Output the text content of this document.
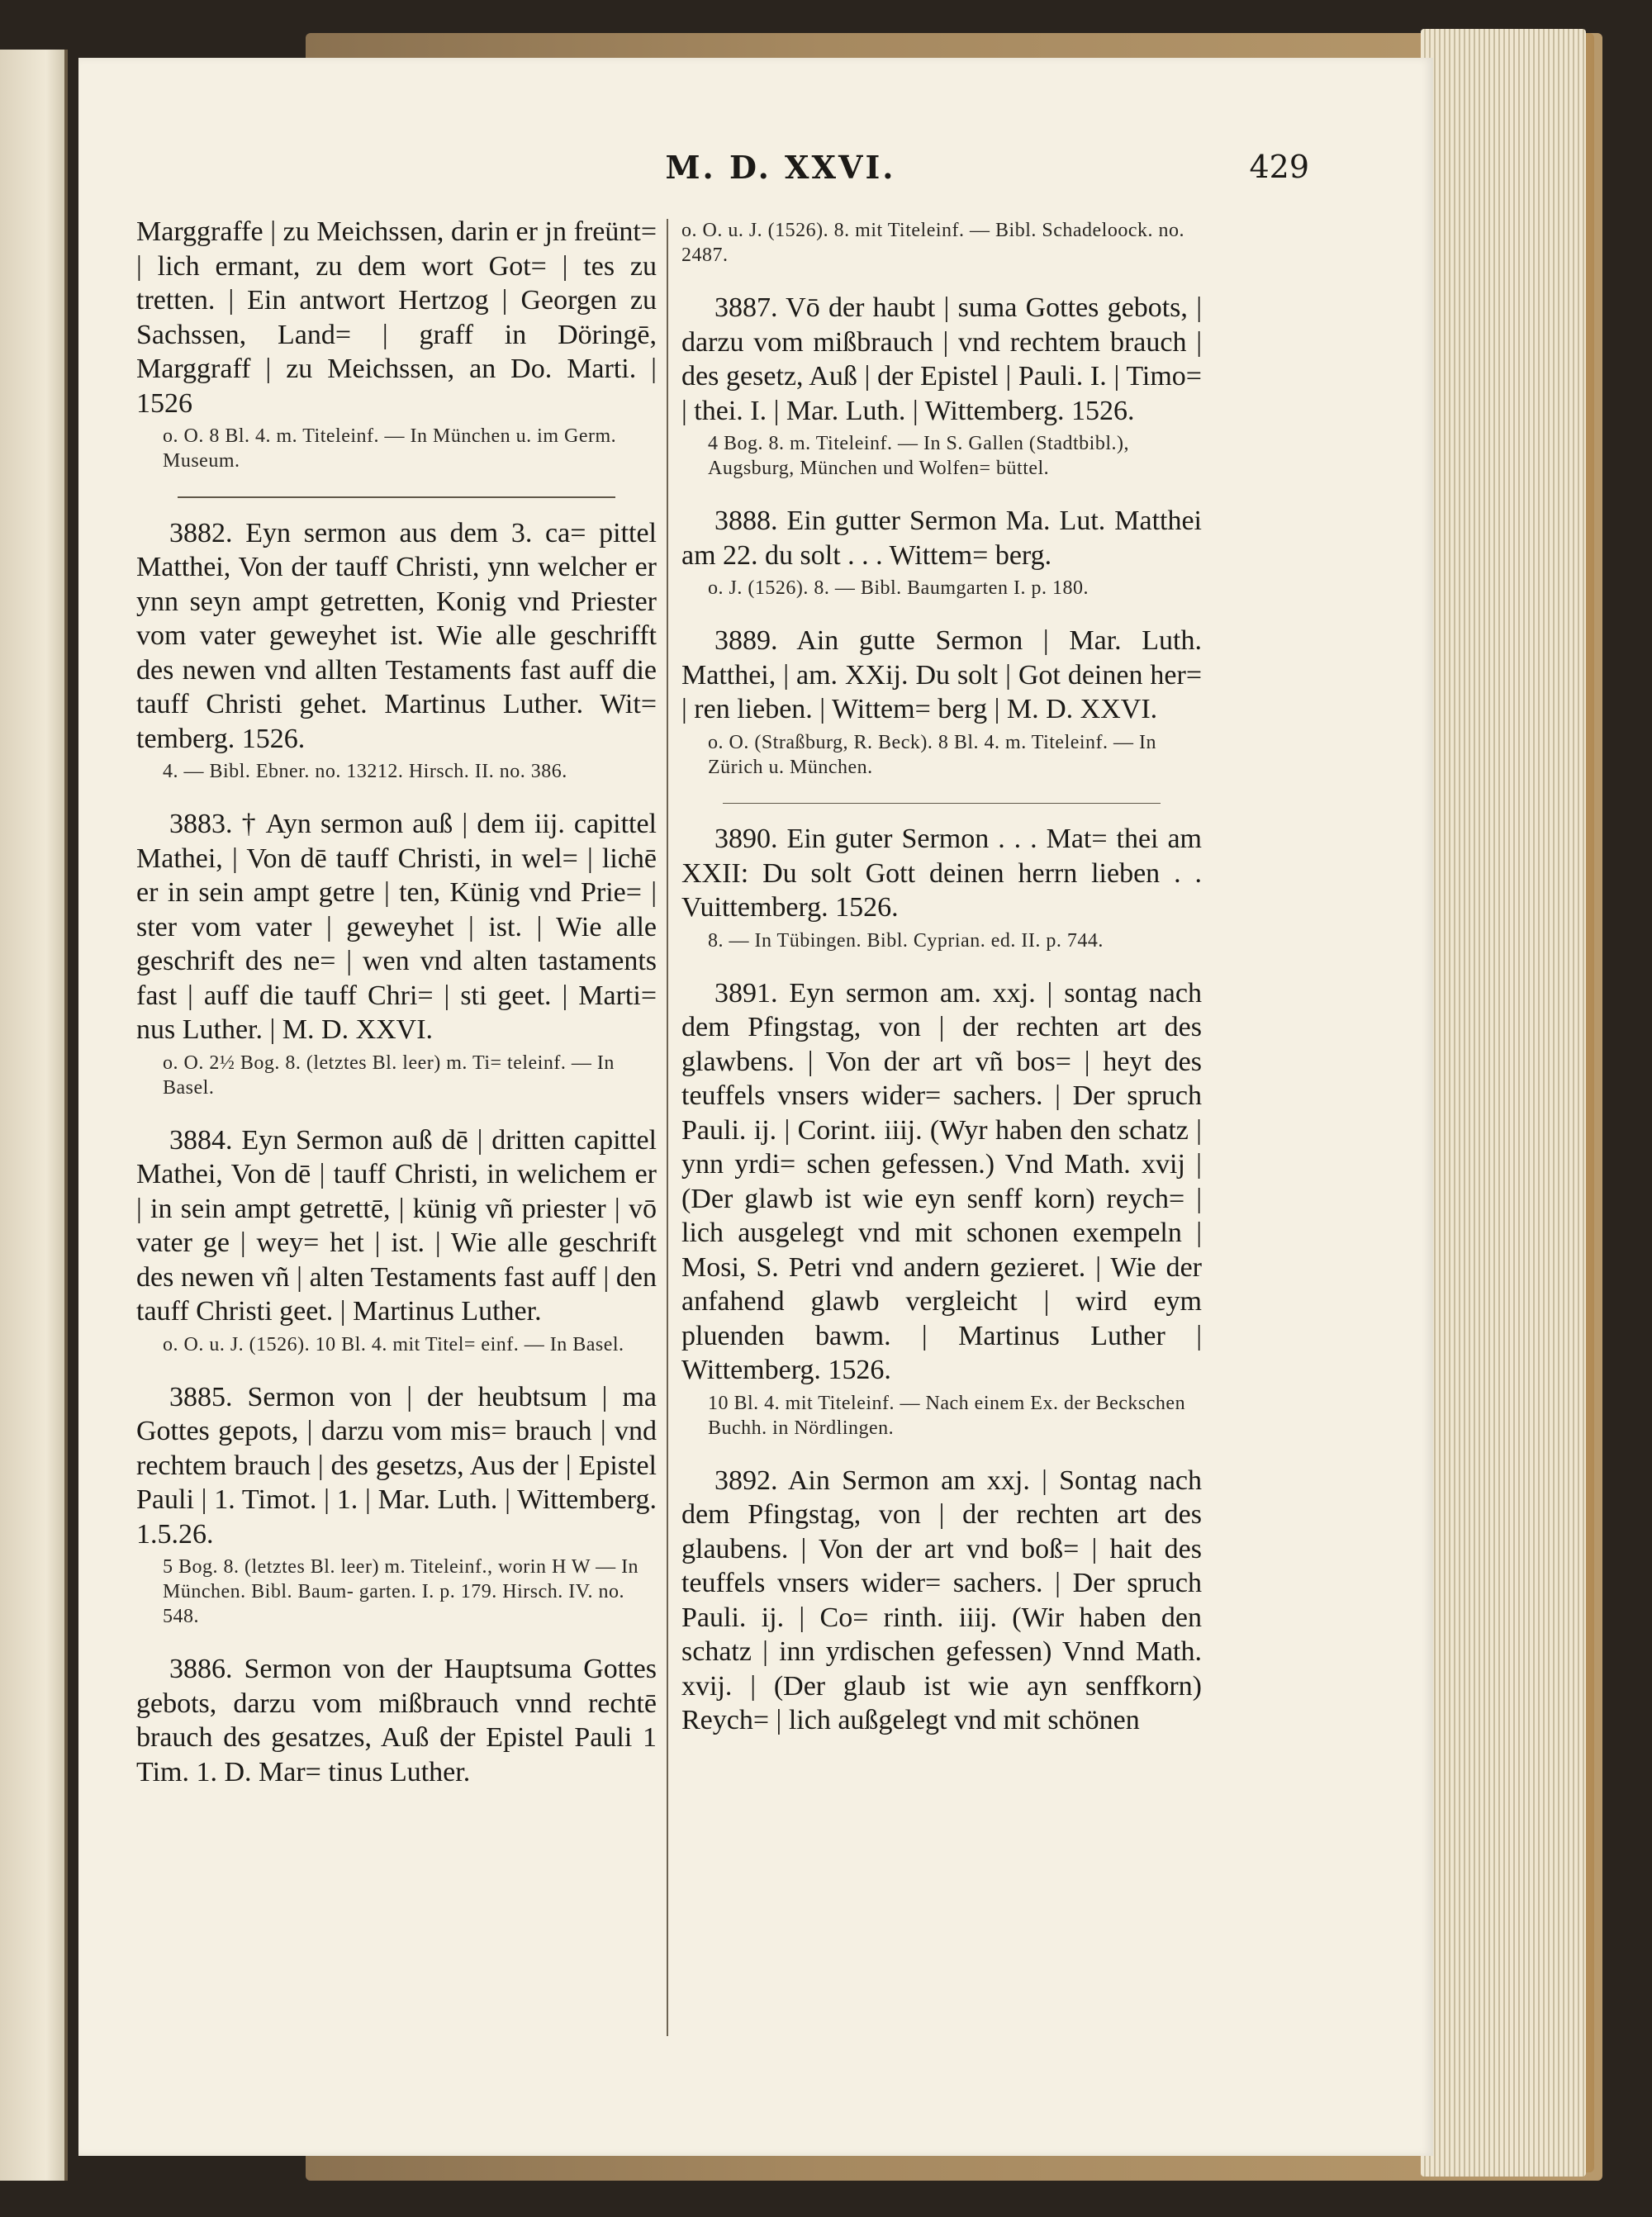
M. D. XXVI.	429
Marggraffe | zu Meichssen, darin er jn freünt= | lich ermant, zu dem wort Got= | tes zu tretten. | Ein antwort Hertzog | Georgen zu Sachssen, Land= | graff in Döringē, Marggraff | zu Meichssen, an Do. Marti. | 1526
o. O. 8 Bl. 4. m. Titeleinf. — In München u. im Germ. Museum.
3882. Eyn sermon aus dem 3. ca= pittel Matthei, Von der tauff Christi, ynn welcher er ynn seyn ampt getretten, Konig vnd Priester vom vater geweyhet ist. Wie alle geschrifft des newen vnd allten Testaments fast auff die tauff Christi gehet. Martinus Luther. Wit= temberg. 1526.
4. — Bibl. Ebner. no. 13212. Hirsch. II. no. 386.
3883. † Ayn sermon auß | dem iij. capittel Mathei, | Von dē tauff Christi, in wel= | lichē er in sein ampt getre | ten, Künig vnd Prie= | ster vom vater | geweyhet | ist. | Wie alle geschrift des ne= | wen vnd alten tastaments fast | auff die tauff Chri= | sti geet. | Marti= nus Luther. | M. D. XXVI.
o. O. 2½ Bog. 8. (letztes Bl. leer) m. Ti= teleinf. — In Basel.
3884. Eyn Sermon auß dē | dritten capittel Mathei, Von dē | tauff Christi, in welichem er | in sein ampt getrettē, | künig vñ priester | vō vater ge | wey= het | ist. | Wie alle geschrift des newen vñ | alten Testaments fast auff | den tauff Christi geet. | Martinus Luther.
o. O. u. J. (1526). 10 Bl. 4. mit Titel= einf. — In Basel.
3885. Sermon von | der heubtsum | ma Gottes gepots, | darzu vom mis= brauch | vnd rechtem brauch | des gesetzs, Aus der | Epistel Pauli | 1. Timot. | 1. | Mar. Luth. | Wittemberg. 1.5.26.
5 Bog. 8. (letztes Bl. leer) m. Titeleinf., worin H W — In München. Bibl. Baum- garten. I. p. 179. Hirsch. IV. no. 548.
3886. Sermon von der Hauptsuma Gottes gebots, darzu vom mißbrauch vnnd rechtē brauch des gesatzes, Auß der Epistel Pauli 1 Tim. 1. D. Mar= tinus Luther.
o. O. u. J. (1526). 8. mit Titeleinf. — Bibl. Schadeloock. no. 2487.
3887. Vō der haubt | suma Gottes gebots, | darzu vom mißbrauch | vnd rechtem brauch | des gesetz, Auß | der Epistel | Pauli. I. | Timo= | thei. I. | Mar. Luth. | Wittemberg. 1526.
4 Bog. 8. m. Titeleinf. — In S. Gallen (Stadtbibl.), Augsburg, München und Wolfen= büttel.
3888. Ein gutter Sermon Ma. Lut. Matthei am 22. du solt . . . Wittem= berg.
o. J. (1526). 8. — Bibl. Baumgarten I. p. 180.
3889. Ain gutte Sermon | Mar. Luth. Matthei, | am. XXij. Du solt | Got deinen her= | ren lieben. | Wittem= berg | M. D. XXVI.
o. O. (Straßburg, R. Beck). 8 Bl. 4. m. Titeleinf. — In Zürich u. München.
3890. Ein guter Sermon . . . Mat= thei am XXII: Du solt Gott deinen herrn lieben . . Vuittemberg. 1526.
8. — In Tübingen. Bibl. Cyprian. ed. II. p. 744.
3891. Eyn sermon am. xxj. | sontag nach dem Pfingstag, von | der rechten art des glawbens. | Von der art vñ bos= | heyt des teuffels vnsers wider= sachers. | Der spruch Pauli. ij. | Corint. iiij. (Wyr haben den schatz | ynn yrdi= schen gefessen.) Vnd Math. xvij | (Der glawb ist wie eyn senff korn) reych= | lich ausgelegt vnd mit schonen exempeln | Mosi, S. Petri vnd andern gezieret. | Wie der anfahend glawb vergleicht | wird eym pluenden bawm. | Martinus Luther | Wittemberg. 1526.
10 Bl. 4. mit Titeleinf. — Nach einem Ex. der Beckschen Buchh. in Nördlingen.
3892. Ain Sermon am xxj. | Sontag nach dem Pfingstag, von | der rechten art des glaubens. | Von der art vnd boß= | hait des teuffels vnsers wider= sachers. | Der spruch Pauli. ij. | Co= rinth. iiij. (Wir haben den schatz | inn yrdischen gefessen) Vnnd Math. xvij. | (Der glaub ist wie ayn senffkorn) Reych= | lich außgelegt vnd mit schönen
